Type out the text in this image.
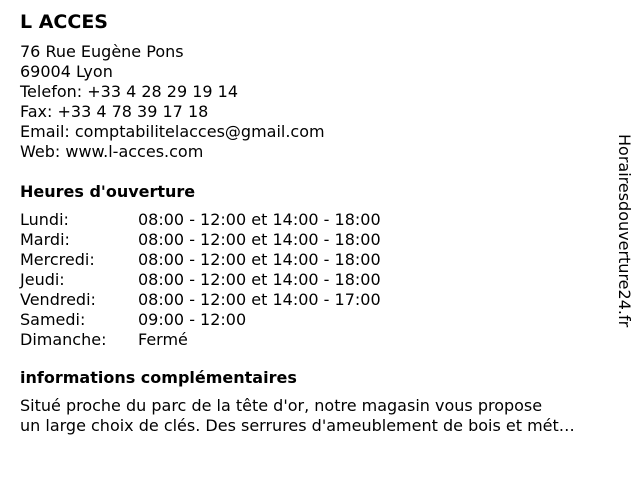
L ACCES
76 Rue Eugène Pons
69004 Lyon
Telefon: +33 4 28 29 19 14
Fax: +33 4 78 39 17 18
Email: comptabilitelacces@gmail.com
Web: www.l-acces.com
Heures d'ouverture
Lundi:	08:00 - 12:00 et 14:00 - 18:00
Mardi:	08:00 - 12:00 et 14:00 - 18:00
Mercredi:	08:00 - 12:00 et 14:00 - 18:00
Jeudi:	08:00 - 12:00 et 14:00 - 18:00
Vendredi:	08:00 - 12:00 et 14:00 - 17:00
Samedi:	09:00 - 12:00
Dimanche:	Fermé
informations complémentaires
Situé proche du parc de la tête d'or, notre magasin vous propose
un large choix de clés. Des serrures d'ameublement de bois et mét…
Horairesdouverture24.fr
